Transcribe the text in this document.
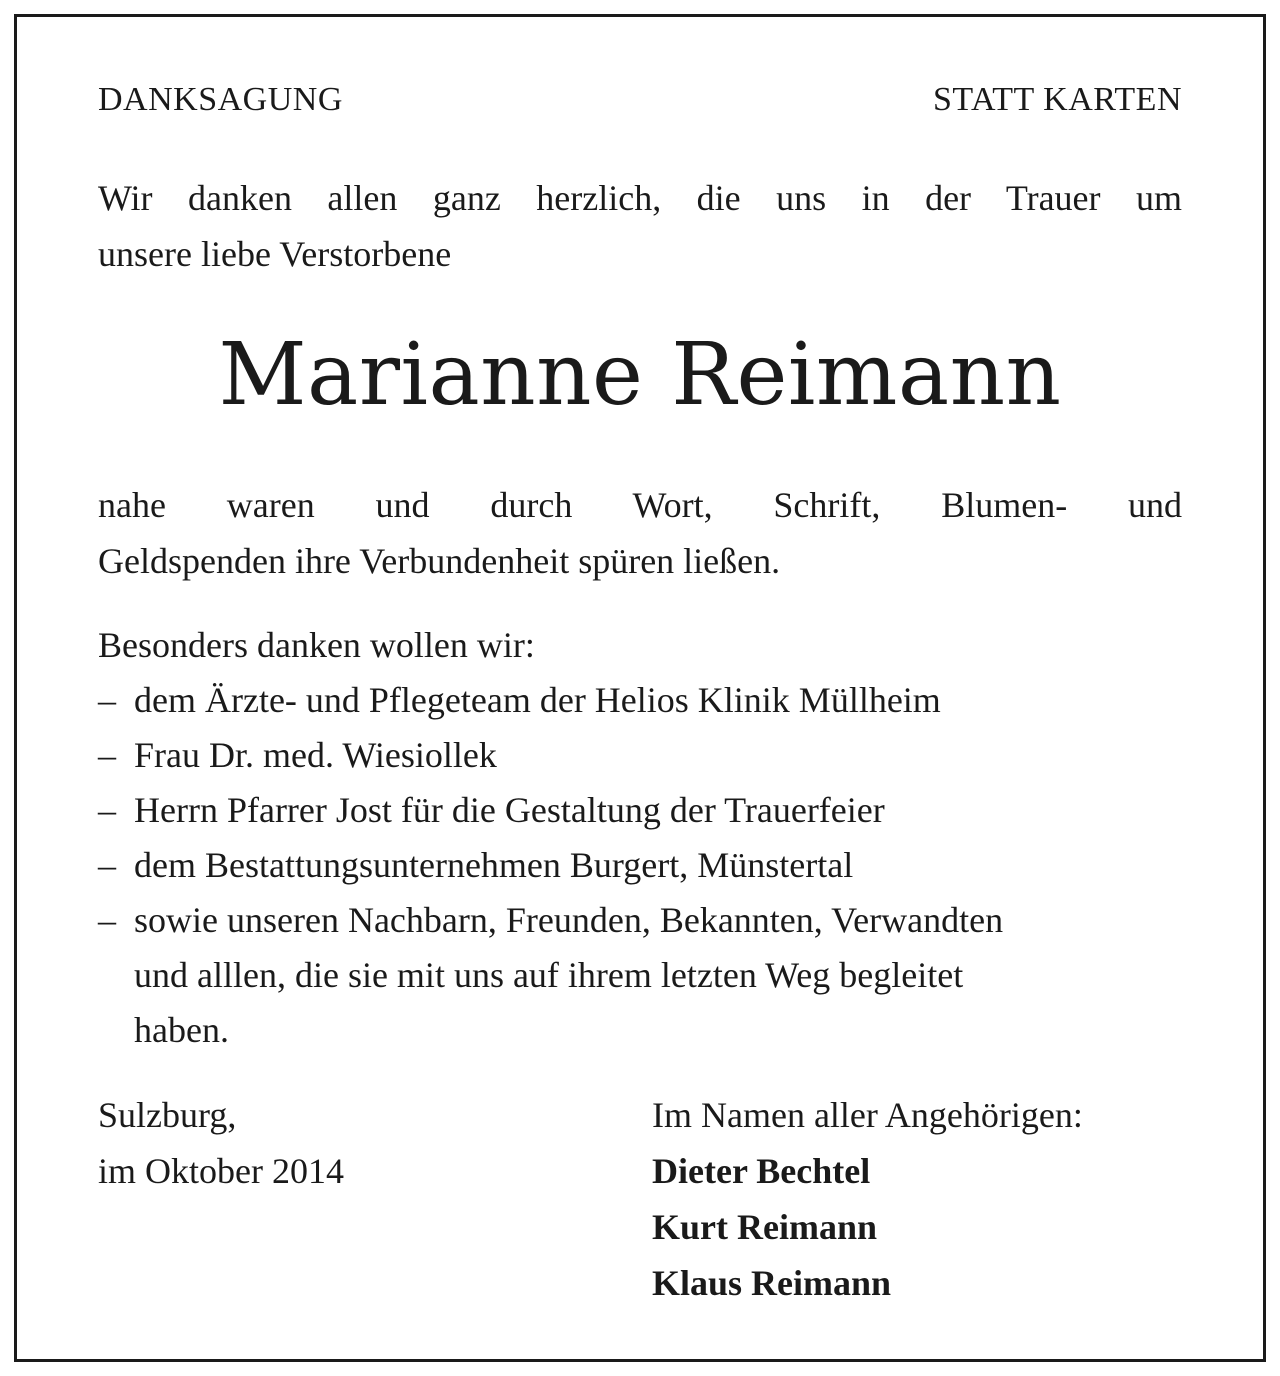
DANKSAGUNG	STATT KARTEN
Wir danken allen ganz herzlich, die uns in der Trauer um
unsere liebe Verstorbene
Marianne Reimann
nahe waren und durch Wort, Schrift, Blumen- und
Geldspenden ihre Verbundenheit spüren ließen.
Besonders danken wollen wir:
– dem Ärzte- und Pflegeteam der Helios Klinik Müllheim
– Frau Dr. med. Wiesiollek
– Herrn Pfarrer Jost für die Gestaltung der Trauerfeier
– dem Bestattungsunternehmen Burgert, Münstertal
– sowie unseren Nachbarn, Freunden, Bekannten, Verwandten
und alllen, die sie mit uns auf ihrem letzten Weg begleitet
haben.
Sulzburg,
im Oktober 2014
Im Namen aller Angehörigen:
Dieter Bechtel
Kurt Reimann
Klaus Reimann
